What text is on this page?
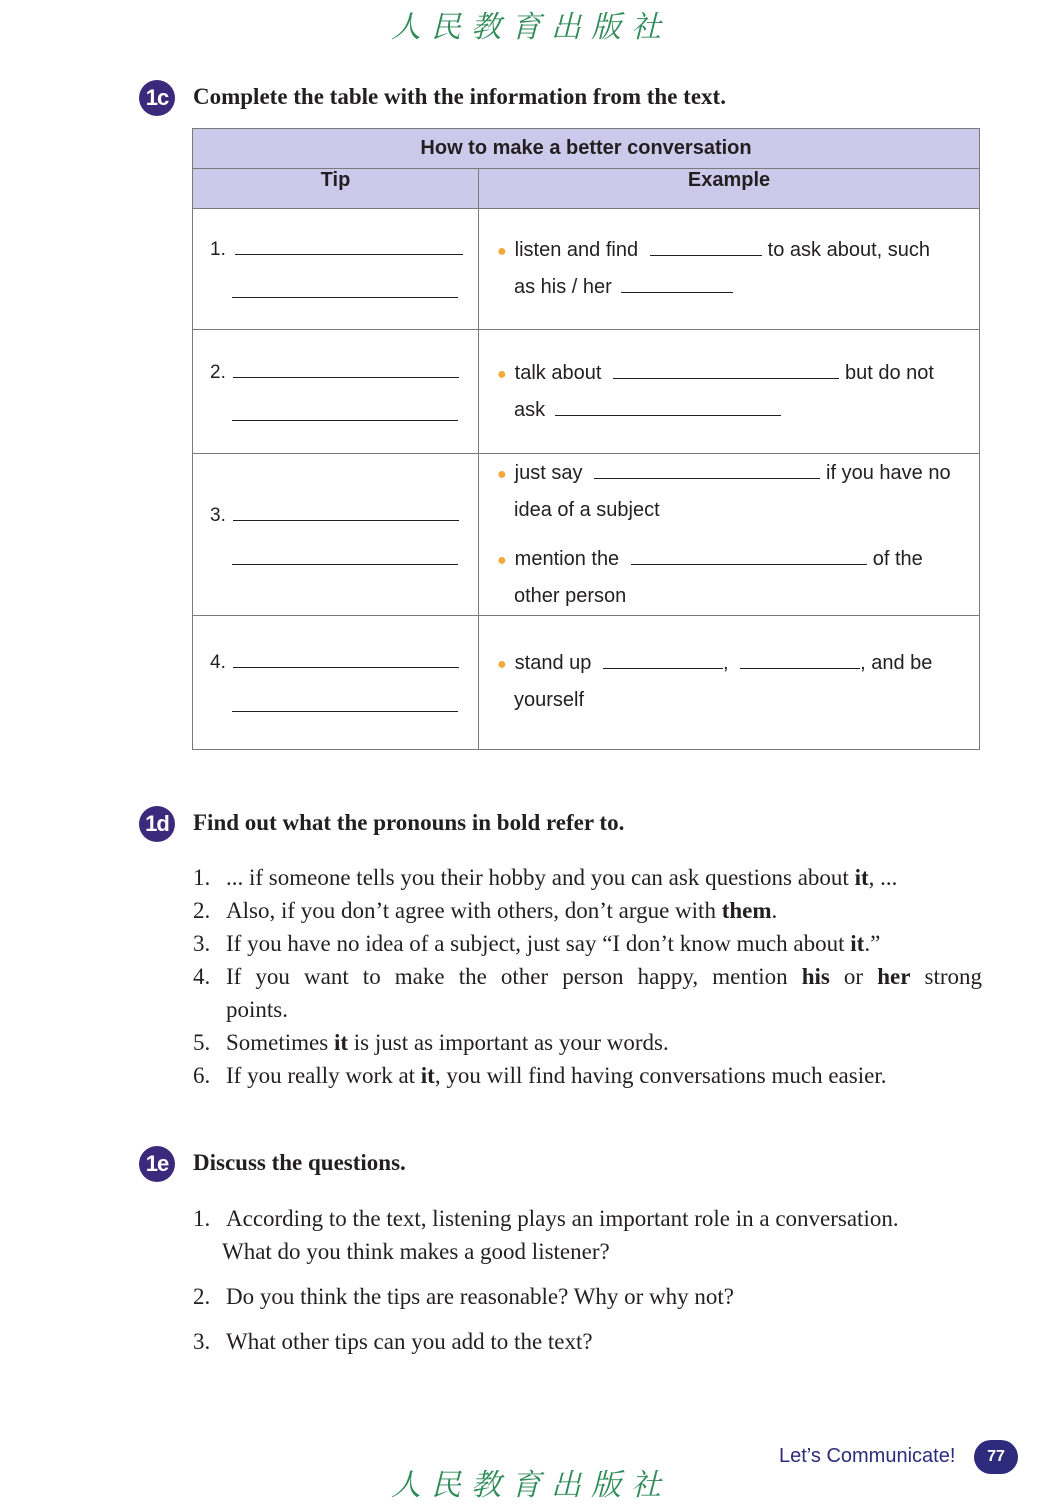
人民教育出版社
1c Complete the table with the information from the text.
How to make a better conversation	
Tip	Example

1.	● listen and find to ask about, such
as his / her

2.	● talk about but do not
ask

3.	● just say if you have no
idea of a subject
● mention the of the
other person

4.	● stand up , , and be
yourself
1d Find out what the pronouns in bold refer to.
1. ... if someone tells you their hobby and you can ask questions about it, ...
2. Also, if you don’t agree with others, don’t argue with them.
3. If you have no idea of a subject, just say “I don’t know much about it.”
4. If you want to make the other person happy, mention his or her strong
points.
5. Sometimes it is just as important as your words.
6. If you really work at it, you will find having conversations much easier.
1e Discuss the questions.
1. According to the text, listening plays an important role in a conversation.
What do you think makes a good listener?
2. Do you think the tips are reasonable? Why or why not?
3. What other tips can you add to the text?
Let’s Communicate!	77
人民教育出版社
